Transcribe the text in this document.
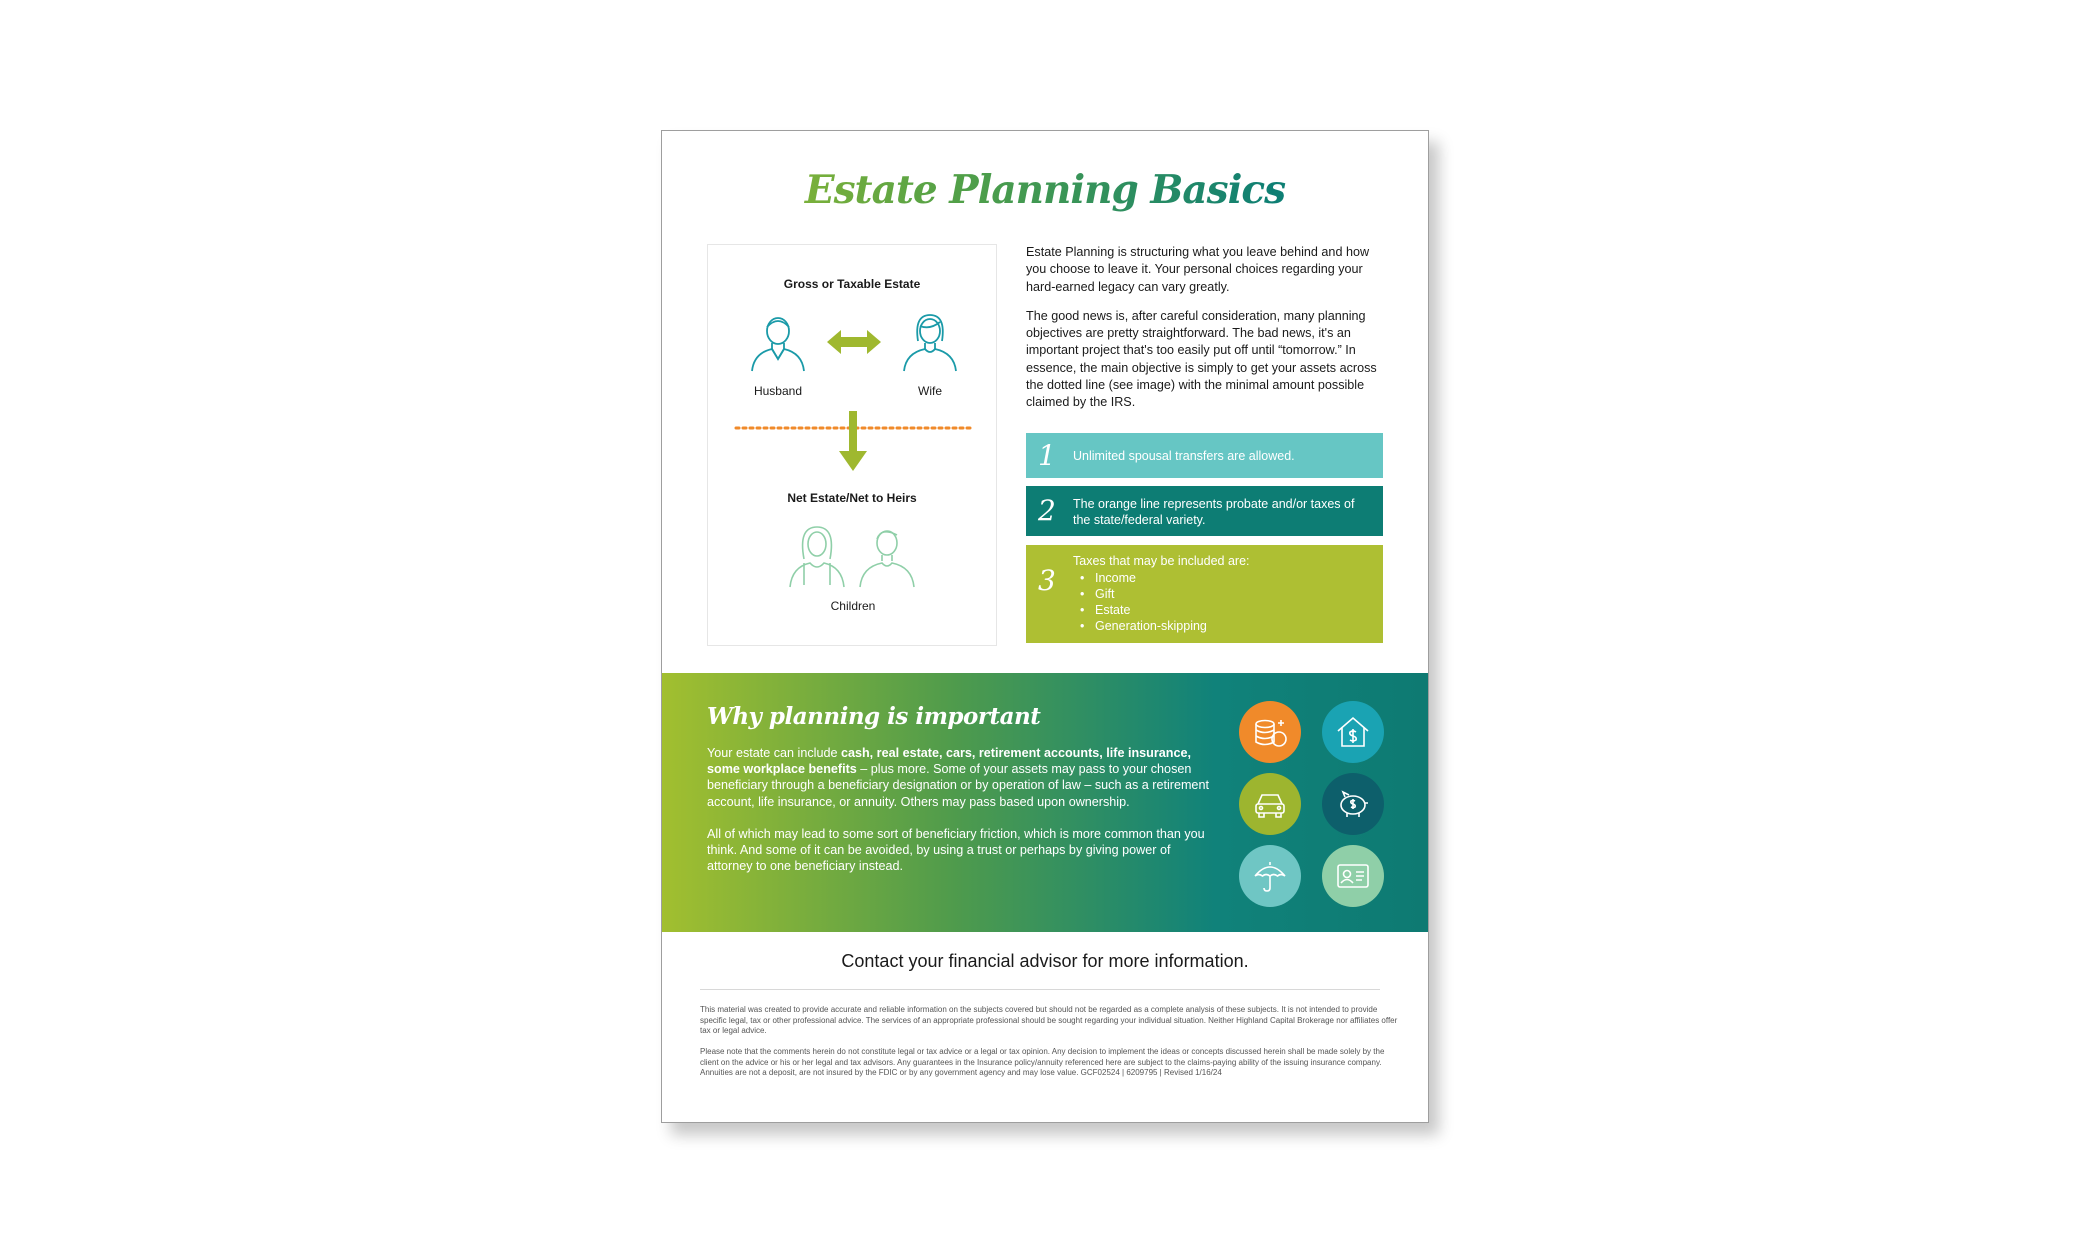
Estate Planning Basics
Gross or Taxable Estate
Husband	Wife
Net Estate/Net to Heirs
Children

Estate Planning is structuring what you leave behind and how you choose to leave it. Your personal choices regarding your hard-earned legacy can vary greatly.

The good news is, after careful consideration, many planning objectives are pretty straightforward. The bad news, it's an important project that's too easily put off until “tomorrow.” In essence, the main objective is simply to get your assets across the dotted line (see image) with the minimal amount possible claimed by the IRS.

1 Unlimited spousal transfers are allowed.
2 The orange line represents probate and/or taxes of the state/federal variety.
3
Taxes that may be included are:
• Income
• Gift
• Estate
• Generation-skipping
Why planning is important

Your estate can include cash, real estate, cars, retirement accounts, life insurance, some workplace benefits – plus more. Some of your assets may pass to your chosen beneficiary through a beneficiary designation or by operation of law – such as a retirement account, life insurance, or annuity. Others may pass based upon ownership.

All of which may lead to some sort of beneficiary friction, which is more common than you think. And some of it can be avoided, by using a trust or perhaps by giving power of attorney to one beneficiary instead.

Contact your financial advisor for more information.
This material was created to provide accurate and reliable information on the subjects covered but should not be regarded as a complete analysis of these subjects. It is not intended to provide specific legal, tax or other professional advice. The services of an appropriate professional should be sought regarding your individual situation. Neither Highland Capital Brokerage nor affiliates offer tax or legal advice.
Please note that the comments herein do not constitute legal or tax advice or a legal or tax opinion. Any decision to implement the ideas or concepts discussed herein shall be made solely by the client on the advice or his or her legal and tax advisors. Any guarantees in the Insurance policy/annuity referenced here are subject to the claims-paying ability of the issuing insurance company. Annuities are not a deposit, are not insured by the FDIC or by any government agency and may lose value. GCF02524 | 6209795 | Revised 1/16/24
